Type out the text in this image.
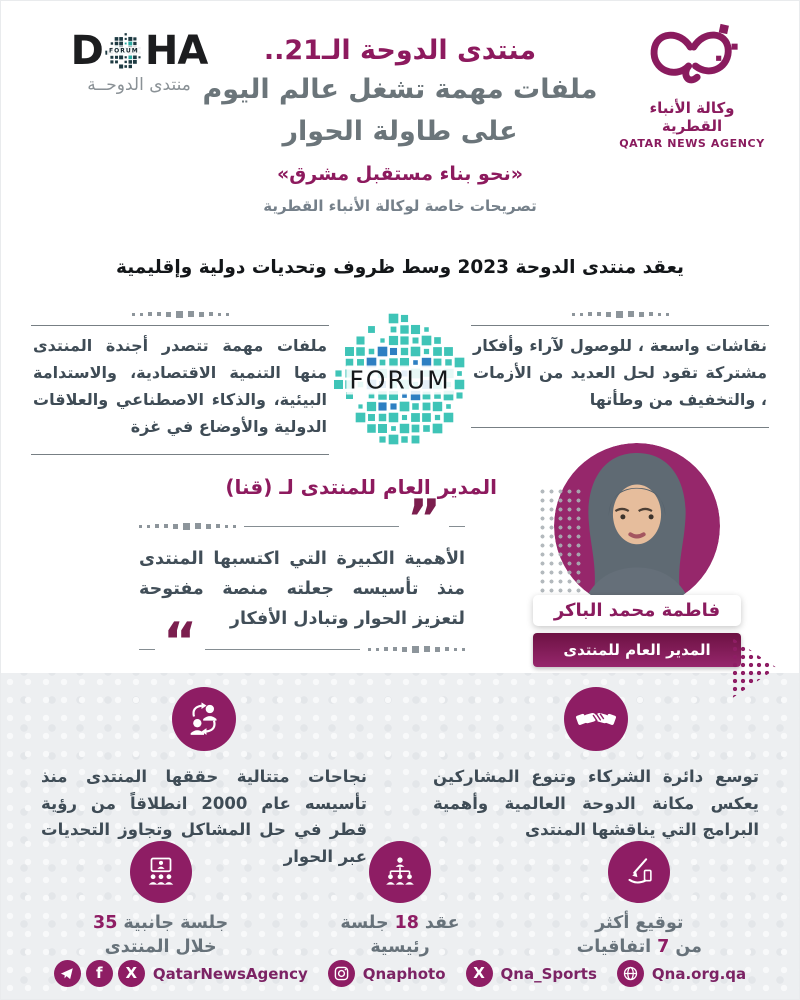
D	FORUM HA
منتدى الدوحــة
وكالة الأنباء القطرية
QATAR NEWS AGENCY
منتدى الدوحة الـ21..
ملفات مهمة تشغل عالم اليوم
على طاولة الحوار
«نحو بناء مستقبل مشرق»
تصريحات خاصة لوكالة الأنباء القطرية
يعقد منتدى الدوحة 2023 وسط ظروف وتحديات دولية وإقليمية
ملفات مهمة تتصدر أجندة المنتدى منها التنمية الاقتصادية، والاستدامة البيئية، والذكاء الاصطناعي والعلاقات الدولية والأوضاع في غزة
FORUM
نقاشات واسعة ، للوصول لآراء وأفكار مشتركة تقود لحل العديد من الأزمات ، والتخفيف من وطأتها
المدير العام للمنتدى لـ (قنا)
”
الأهمية الكبيرة التي اكتسبها المنتدى منذ تأسيسه جعلته منصة مفتوحة لتعزيز الحوار وتبادل الأفكار
“
فاطمة محمد الباكر
المدير العام للمنتدى
نجاحات متتالية حققها المنتدى منذ تأسيسه عام 2000 انطلاقاً من رؤية قطر في حل المشاكل وتجاوز التحديات عبر الحوار
توسع دائرة الشركاء وتنوع المشاركين يعكس مكانة الدوحة العالمية وأهمية البرامج التي يناقشها المنتدى
35 جلسة جانبية
خلال المنتدى
جلسة 18 عقد
رئيسية
توقيع أكثر
اتفاقيات 7 من
f X QatarNewsAgency	Qnaphoto X Qna_Sports	Qna.org.qa
